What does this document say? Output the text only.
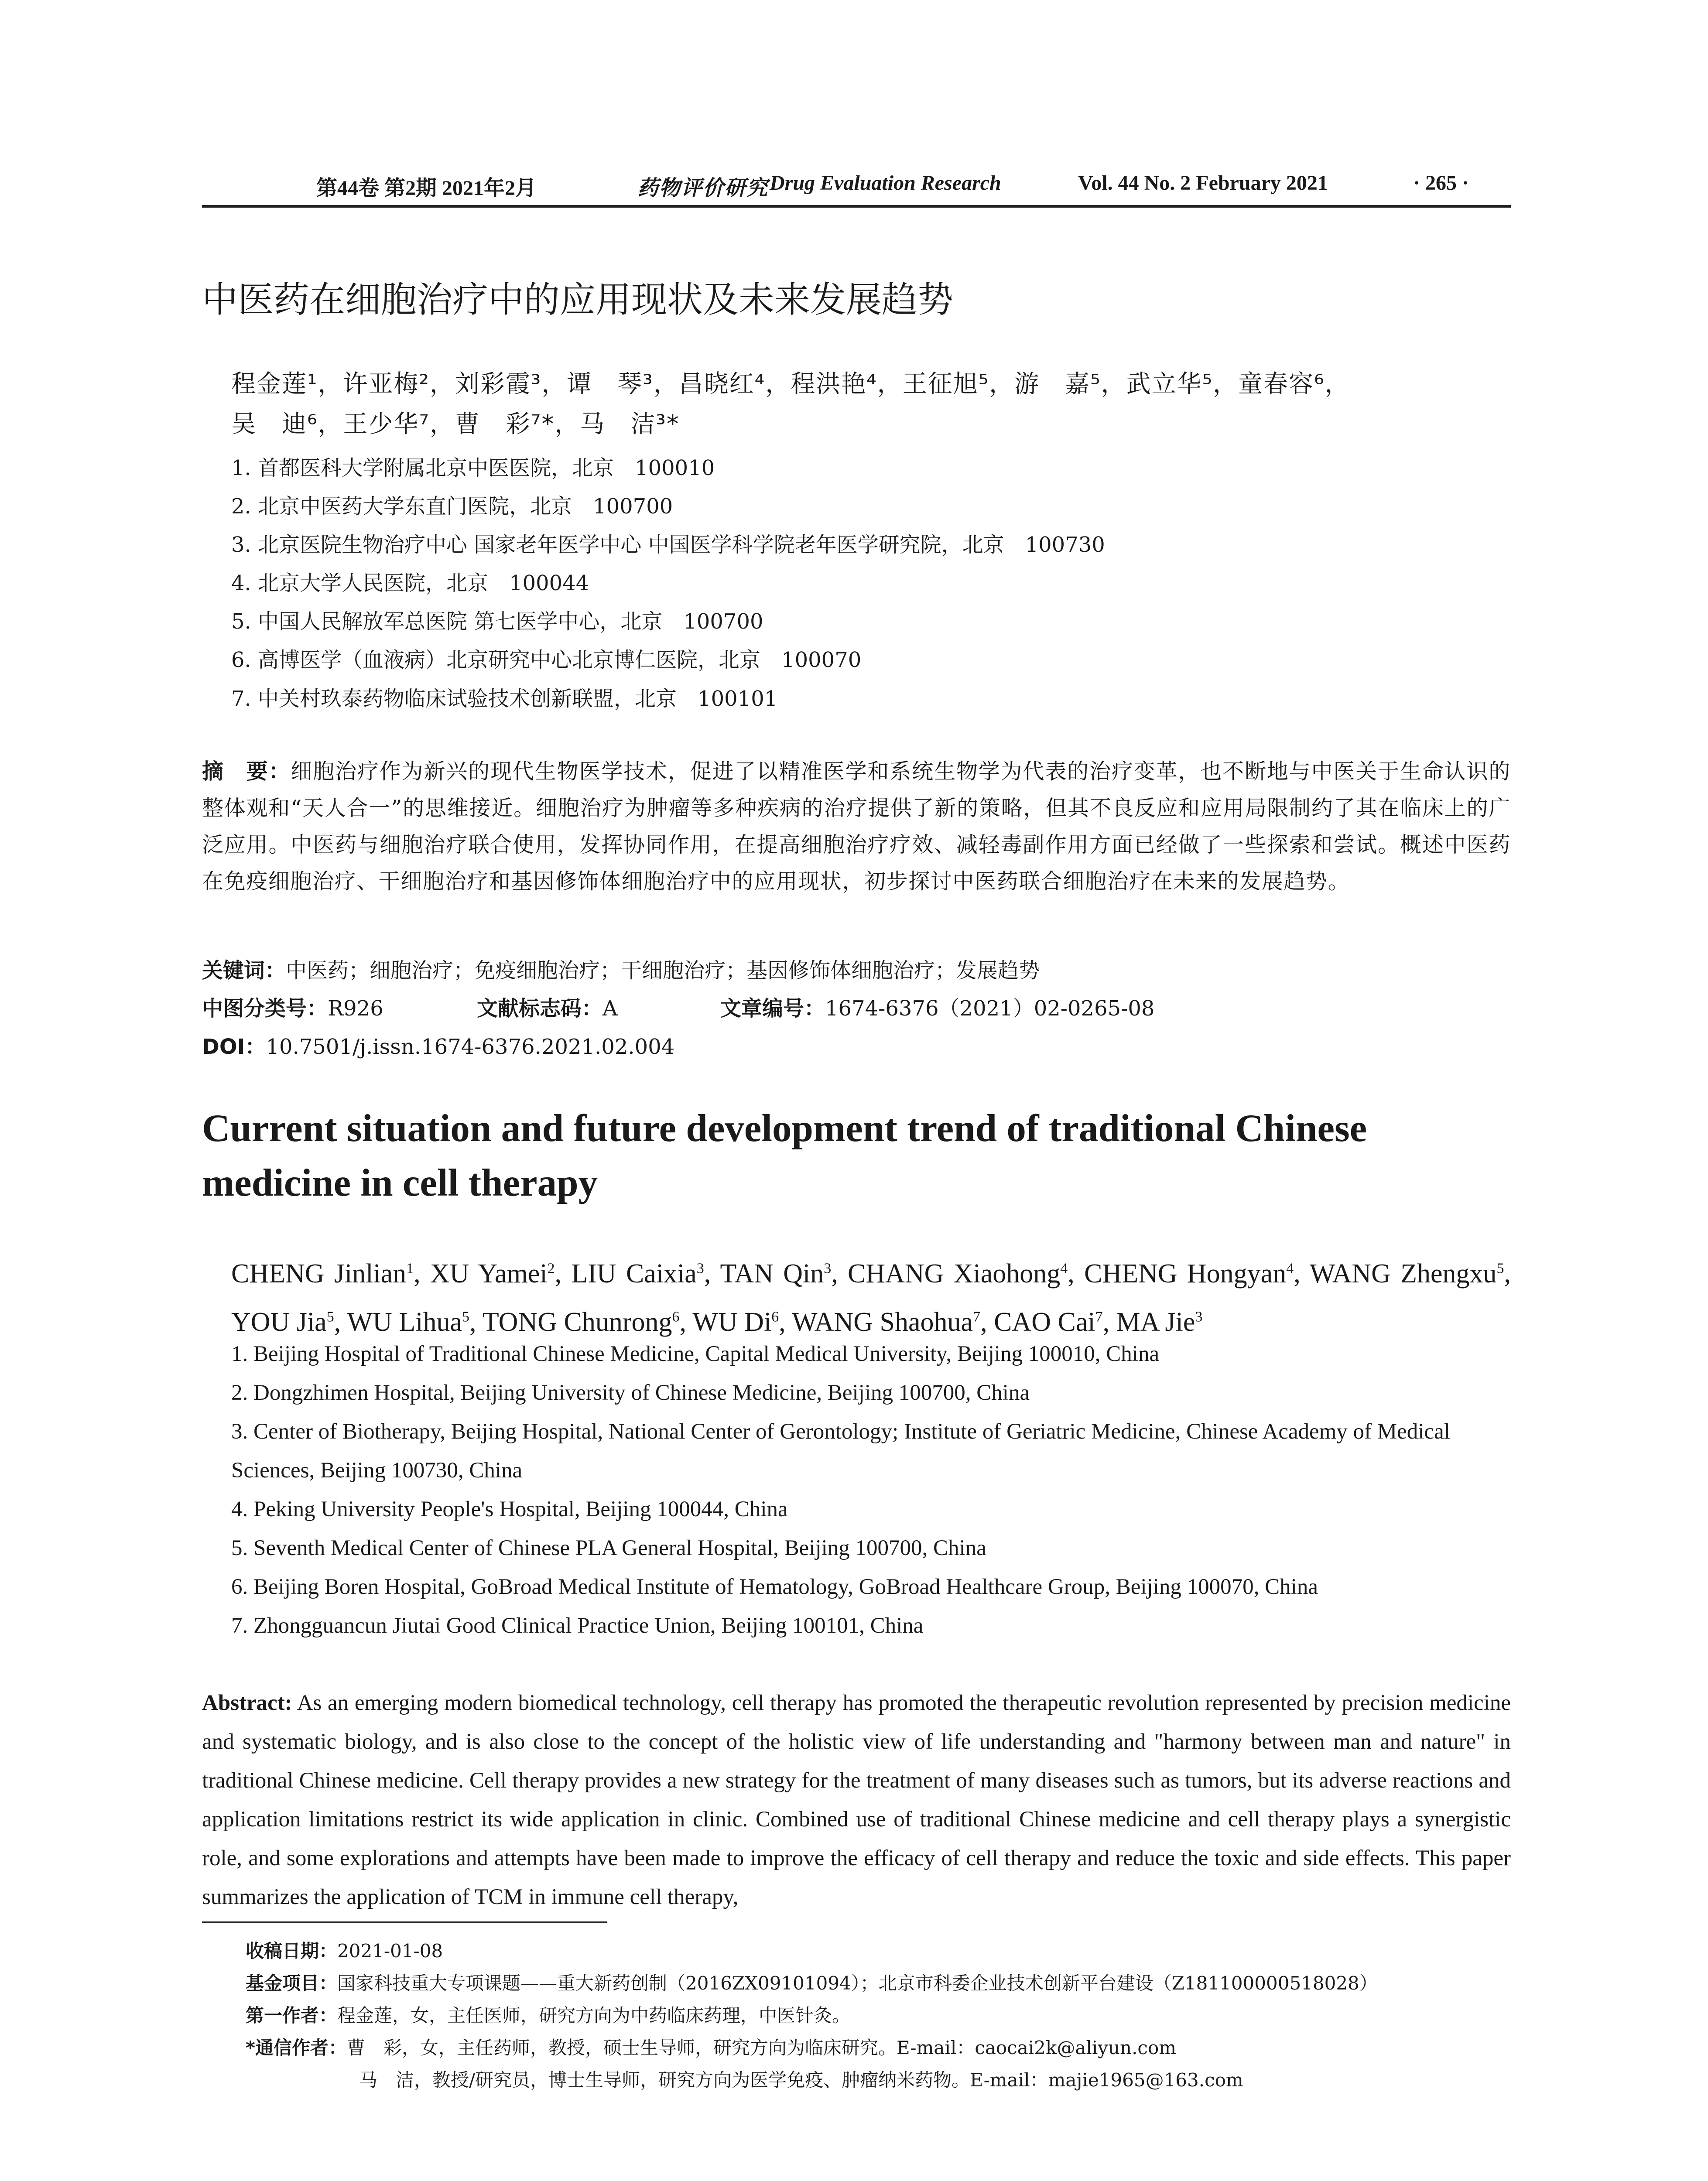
第44卷 第2期 2021年2月	药物评价研究 Drug Evaluation Research	Vol. 44 No. 2 February 2021	· 265 ·
中医药在细胞治疗中的应用现状及未来发展趋势
程金莲¹，许亚梅²，刘彩霞³，谭　琴³，昌晓红⁴，程洪艳⁴，王征旭⁵，游　嘉⁵，武立华⁵，童春容⁶，
吴　迪⁶，王少华⁷，曹　彩⁷*，马　洁³*
1. 首都医科大学附属北京中医医院，北京　100010
2. 北京中医药大学东直门医院，北京　100700
3. 北京医院生物治疗中心 国家老年医学中心 中国医学科学院老年医学研究院，北京　100730
4. 北京大学人民医院，北京　100044
5. 中国人民解放军总医院 第七医学中心，北京　100700
6. 高博医学（血液病）北京研究中心北京博仁医院，北京　100070
7. 中关村玖泰药物临床试验技术创新联盟，北京　100101
摘　要：细胞治疗作为新兴的现代生物医学技术，促进了以精准医学和系统生物学为代表的治疗变革，也不断地与中医关于生命认识的整体观和“天人合一”的思维接近。细胞治疗为肿瘤等多种疾病的治疗提供了新的策略，但其不良反应和应用局限制约了其在临床上的广泛应用。中医药与细胞治疗联合使用，发挥协同作用，在提高细胞治疗疗效、减轻毒副作用方面已经做了一些探索和尝试。概述中医药在免疫细胞治疗、干细胞治疗和基因修饰体细胞治疗中的应用现状，初步探讨中医药联合细胞治疗在未来的发展趋势。
关键词：中医药；细胞治疗；免疫细胞治疗；干细胞治疗；基因修饰体细胞治疗；发展趋势
中图分类号：R926	文献标志码：A	文章编号：1674-6376（2021）02-0265-08
DOI：10.7501/j.issn.1674-6376.2021.02.004
Current situation and future development trend of traditional Chinese medicine in cell therapy
CHENG Jinlian$^1$, XU Yamei$^2$, LIU Caixia$^3$, TAN Qin$^3$, CHANG Xiaohong$^4$, CHENG Hongyan$^4$, WANG Zhengxu$^5$, YOU Jia$^5$, WU Lihua$^5$, TONG Chunrong$^6$, WU Di$^6$, WANG Shaohua$^7$, CAO Cai$^7$, MA Jie$^3$
1. Beijing Hospital of Traditional Chinese Medicine, Capital Medical University, Beijing 100010, China
2. Dongzhimen Hospital, Beijing University of Chinese Medicine, Beijing 100700, China
3. Center of Biotherapy, Beijing Hospital, National Center of Gerontology; Institute of Geriatric Medicine, Chinese Academy of Medical Sciences, Beijing 100730, China
4. Peking University People's Hospital, Beijing 100044, China
5. Seventh Medical Center of Chinese PLA General Hospital, Beijing 100700, China
6. Beijing Boren Hospital, GoBroad Medical Institute of Hematology, GoBroad Healthcare Group, Beijing 100070, China
7. Zhongguancun Jiutai Good Clinical Practice Union, Beijing 100101, China
Abstract: As an emerging modern biomedical technology, cell therapy has promoted the therapeutic revolution represented by precision medicine and systematic biology, and is also close to the concept of the holistic view of life understanding and "harmony between man and nature" in traditional Chinese medicine. Cell therapy provides a new strategy for the treatment of many diseases such as tumors, but its adverse reactions and application limitations restrict its wide application in clinic. Combined use of traditional Chinese medicine and cell therapy plays a synergistic role, and some explorations and attempts have been made to improve the efficacy of cell therapy and reduce the toxic and side effects. This paper summarizes the application of TCM in immune cell therapy,
收稿日期：2021-01-08
基金项目：国家科技重大专项课题——重大新药创制（2016ZX09101094）；北京市科委企业技术创新平台建设（Z181100000518028）
第一作者：程金莲，女，主任医师，研究方向为中药临床药理，中医针灸。
*通信作者：曹　彩，女，主任药师，教授，硕士生导师，研究方向为临床研究。E-mail：caocai2k@aliyun.com
马　洁，教授/研究员，博士生导师，研究方向为医学免疫、肿瘤纳米药物。E-mail：majie1965@163.com
